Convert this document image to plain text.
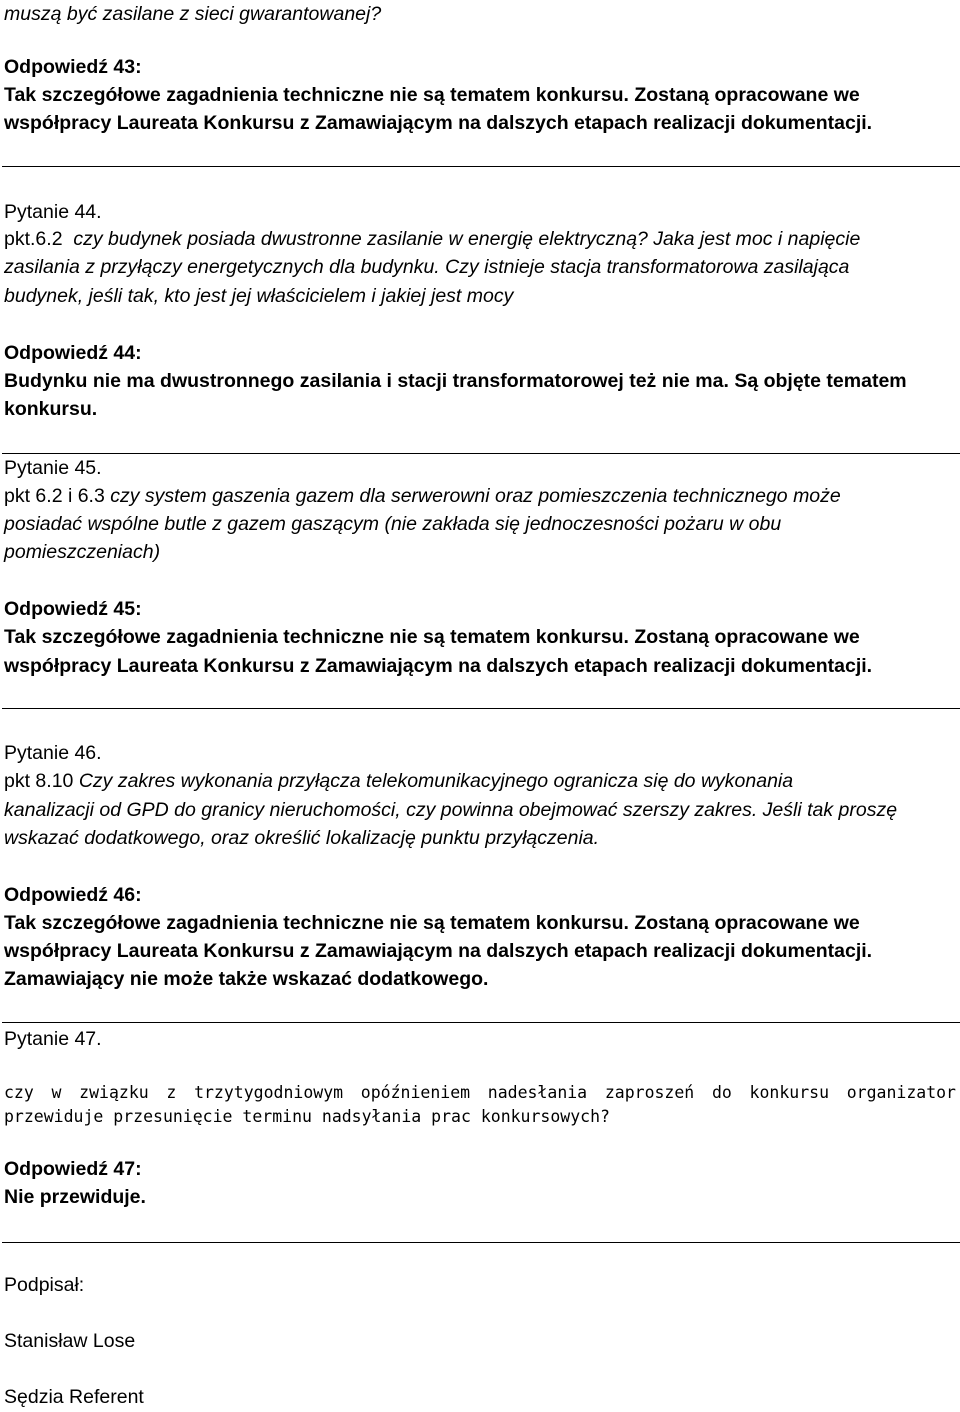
muszą być zasilane z sieci gwarantowanej?
Odpowiedź 43:
Tak szczegółowe zagadnienia techniczne nie są tematem konkursu. Zostaną opracowane we
współpracy Laureata Konkursu z Zamawiającym na dalszych etapach realizacji dokumentacji.
Pytanie 44.
pkt.6.2 czy budynek posiada dwustronne zasilanie w energię elektryczną? Jaka jest moc i napięcie
zasilania z przyłączy energetycznych dla budynku. Czy istnieje stacja transformatorowa zasilająca
budynek, jeśli tak, kto jest jej właścicielem i jakiej jest mocy
Odpowiedź 44:
Budynku nie ma dwustronnego zasilania i stacji transformatorowej też nie ma. Są objęte tematem
konkursu.
Pytanie 45.
pkt 6.2 i 6.3 czy system gaszenia gazem dla serwerowni oraz pomieszczenia technicznego może
posiadać wspólne butle z gazem gaszącym (nie zakłada się jednoczesności pożaru w obu
pomieszczeniach)
Odpowiedź 45:
Tak szczegółowe zagadnienia techniczne nie są tematem konkursu. Zostaną opracowane we
współpracy Laureata Konkursu z Zamawiającym na dalszych etapach realizacji dokumentacji.
Pytanie 46.
pkt 8.10 Czy zakres wykonania przyłącza telekomunikacyjnego ogranicza się do wykonania
kanalizacji od GPD do granicy nieruchomości, czy powinna obejmować szerszy zakres. Jeśli tak proszę
wskazać dodatkowego, oraz określić lokalizację punktu przyłączenia.
Odpowiedź 46:
Tak szczegółowe zagadnienia techniczne nie są tematem konkursu. Zostaną opracowane we
współpracy Laureata Konkursu z Zamawiającym na dalszych etapach realizacji dokumentacji.
Zamawiający nie może także wskazać dodatkowego.
Pytanie 47.
czy w związku z trzytygodniowym opóźnieniem nadesłania zaproszeń do konkursu organizator
przewiduje przesunięcie terminu nadsyłania prac konkursowych?
Odpowiedź 47:
Nie przewiduje.
Podpisał:
Stanisław Lose
Sędzia Referent
